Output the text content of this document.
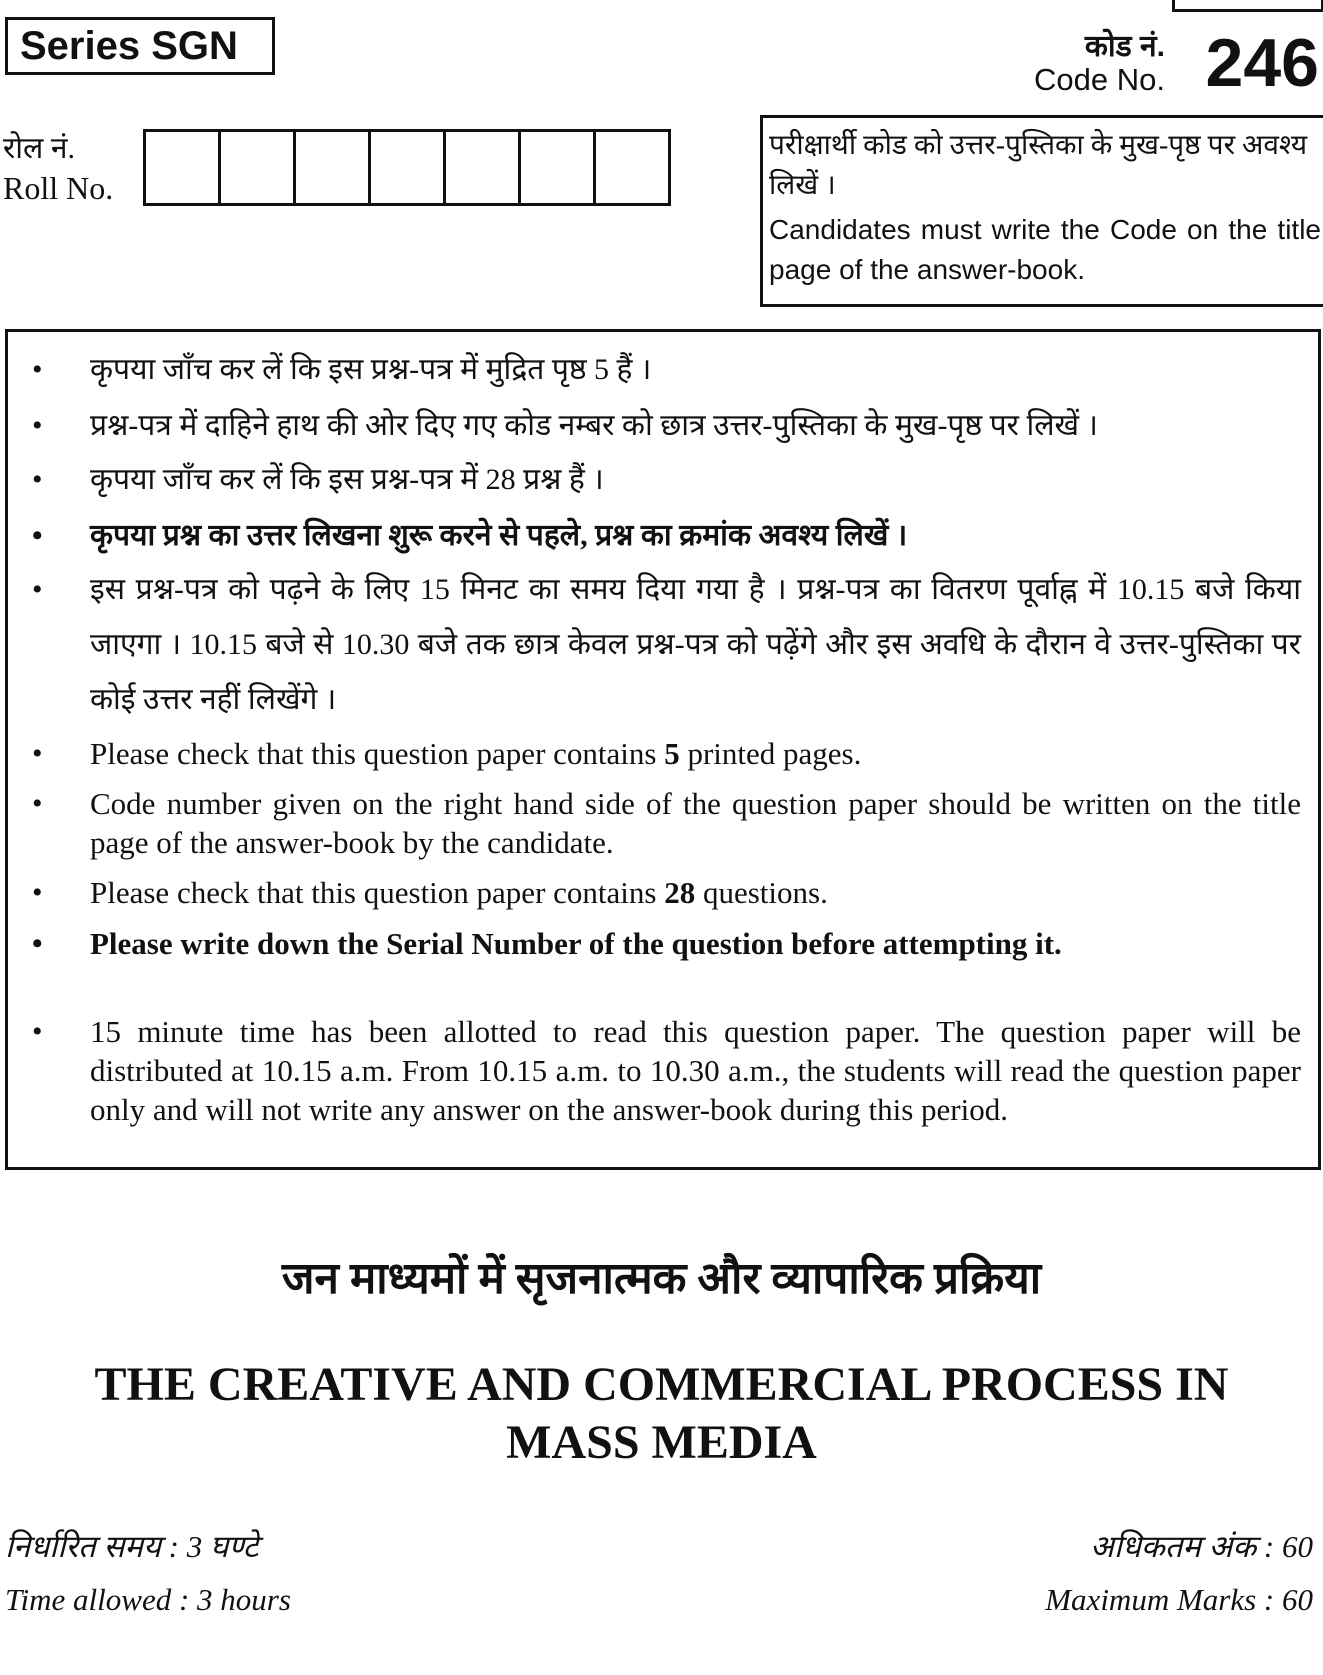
Series SGN	कोड नं.
Code No. 246
रोल नं.
Roll No.
परीक्षार्थी कोड को उत्तर-पुस्तिका के मुख-पृष्ठ पर अवश्य लिखें ।
Candidates must write the Code on the title page of the answer-book.
• कृपया जाँच कर लें कि इस प्रश्न-पत्र में मुद्रित पृष्ठ 5 हैं ।
• प्रश्न-पत्र में दाहिने हाथ की ओर दिए गए कोड नम्बर को छात्र उत्तर-पुस्तिका के मुख-पृष्ठ पर लिखें ।
• कृपया जाँच कर लें कि इस प्रश्न-पत्र में 28 प्रश्न हैं ।
• कृपया प्रश्न का उत्तर लिखना शुरू करने से पहले, प्रश्न का क्रमांक अवश्य लिखें ।
• इस प्रश्न-पत्र को पढ़ने के लिए 15 मिनट का समय दिया गया है । प्रश्न-पत्र का वितरण पूर्वाह्न में 10.15 बजे किया जाएगा । 10.15 बजे से 10.30 बजे तक छात्र केवल प्रश्न-पत्र को पढ़ेंगे और इस अवधि के दौरान वे उत्तर-पुस्तिका पर कोई उत्तर नहीं लिखेंगे ।
• Please check that this question paper contains 5 printed pages.
• Code number given on the right hand side of the question paper should be written on the title page of the answer-book by the candidate.
• Please check that this question paper contains 28 questions.
• Please write down the Serial Number of the question before attempting it.
• 15 minute time has been allotted to read this question paper. The question paper will be distributed at 10.15 a.m. From 10.15 a.m. to 10.30 a.m., the students will read the question paper only and will not write any answer on the answer-book during this period.
जन माध्यमों में सृजनात्मक और व्यापारिक प्रक्रिया
THE CREATIVE AND COMMERCIAL PROCESS IN MASS MEDIA
निर्धारित समय : 3 घण्टे
Time allowed : 3 hours
अधिकतम अंक : 60
Maximum Marks : 60
